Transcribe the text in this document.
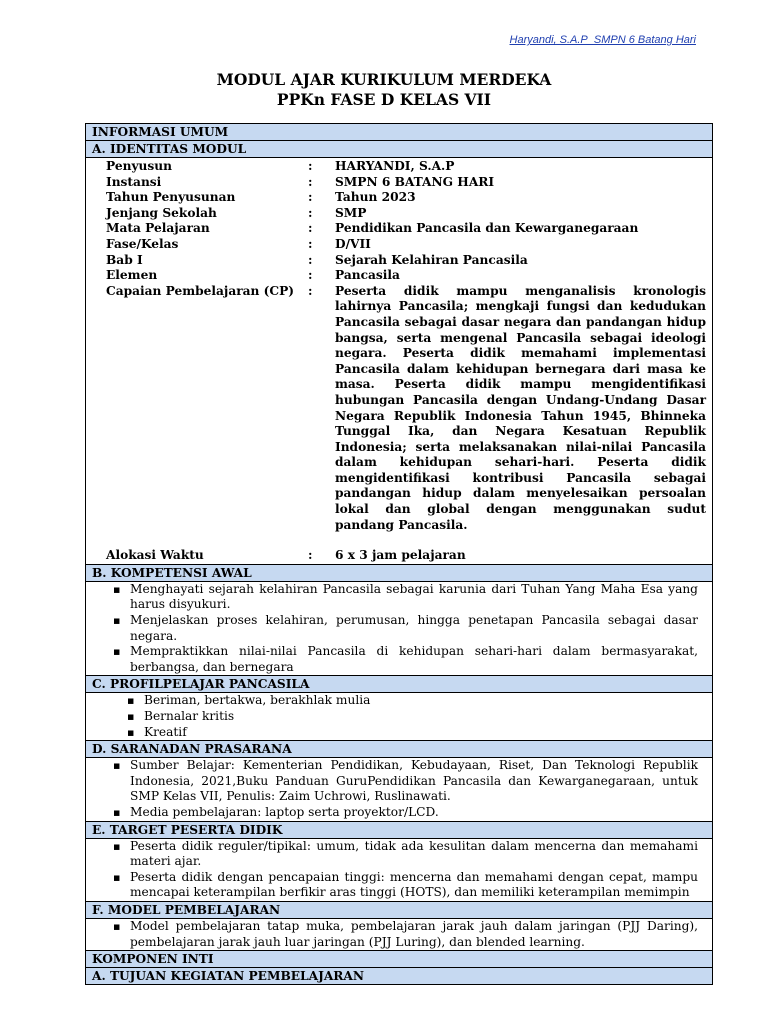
Haryandi, S.A.P_SMPN 6 Batang Hari
MODUL AJAR KURIKULUM MERDEKA
PPKn FASE D KELAS VII
INFORMASI UMUM
A. IDENTITAS MODUL
Penyusun	:	HARYANDI, S.A.P
Instansi	:	SMPN 6 BATANG HARI
Tahun Penyusunan	:	Tahun 2023
Jenjang Sekolah	:	SMP
Mata Pelajaran	:	Pendidikan Pancasila dan Kewarganegaraan
Fase/Kelas	:	D/VII
Bab I	:	Sejarah Kelahiran Pancasila
Elemen	:	Pancasila
Capaian Pembelajaran (CP)	:	Peserta didik mampu menganalisis kronologis lahirnya Pancasila; mengkaji fungsi dan kedudukan Pancasila sebagai dasar negara dan pandangan hidup bangsa, serta mengenal Pancasila sebagai ideologi negara. Peserta didik memahami implementasi Pancasila dalam kehidupan bernegara dari masa ke masa. Peserta didik mampu mengidentifikasi hubungan Pancasila dengan Undang-Undang Dasar Negara Republik Indonesia Tahun 1945, Bhinneka Tunggal Ika, dan Negara Kesatuan Republik Indonesia; serta melaksanakan nilai-nilai Pancasila dalam kehidupan sehari-hari. Peserta didik mengidentifikasi kontribusi Pancasila sebagai pandangan hidup dalam menyelesaikan persoalan lokal dan global dengan menggunakan sudut pandang Pancasila.
Alokasi Waktu	:	6 x 3 jam pelajaran
B. KOMPETENSI AWAL
▪ Menghayati sejarah kelahiran Pancasila sebagai karunia dari Tuhan Yang Maha Esa yang harus disyukuri.
▪ Menjelaskan proses kelahiran, perumusan, hingga penetapan Pancasila sebagai dasar negara.
▪ Mempraktikkan nilai-nilai Pancasila di kehidupan sehari-hari dalam bermasyarakat, berbangsa, dan bernegara
C. PROFILPELAJAR PANCASILA
▪ Beriman, bertakwa, berakhlak mulia
▪ Bernalar kritis
▪ Kreatif
D. SARANADAN PRASARANA
▪ Sumber Belajar: Kementerian Pendidikan, Kebudayaan, Riset, Dan Teknologi Republik Indonesia, 2021,Buku Panduan GuruPendidikan Pancasila dan Kewarganegaraan, untuk SMP Kelas VII, Penulis: Zaim Uchrowi, Ruslinawati.
▪ Media pembelajaran: laptop serta proyektor/LCD.
E. TARGET PESERTA DIDIK
▪ Peserta didik reguler/tipikal: umum, tidak ada kesulitan dalam mencerna dan memahami materi ajar.
▪ Peserta didik dengan pencapaian tinggi: mencerna dan memahami dengan cepat, mampu mencapai keterampilan berfikir aras tinggi (HOTS), dan memiliki keterampilan memimpin
F. MODEL PEMBELAJARAN
▪ Model pembelajaran tatap muka, pembelajaran jarak jauh dalam jaringan (PJJ Daring), pembelajaran jarak jauh luar jaringan (PJJ Luring), dan blended learning.
KOMPONEN INTI
A. TUJUAN KEGIATAN PEMBELAJARAN
